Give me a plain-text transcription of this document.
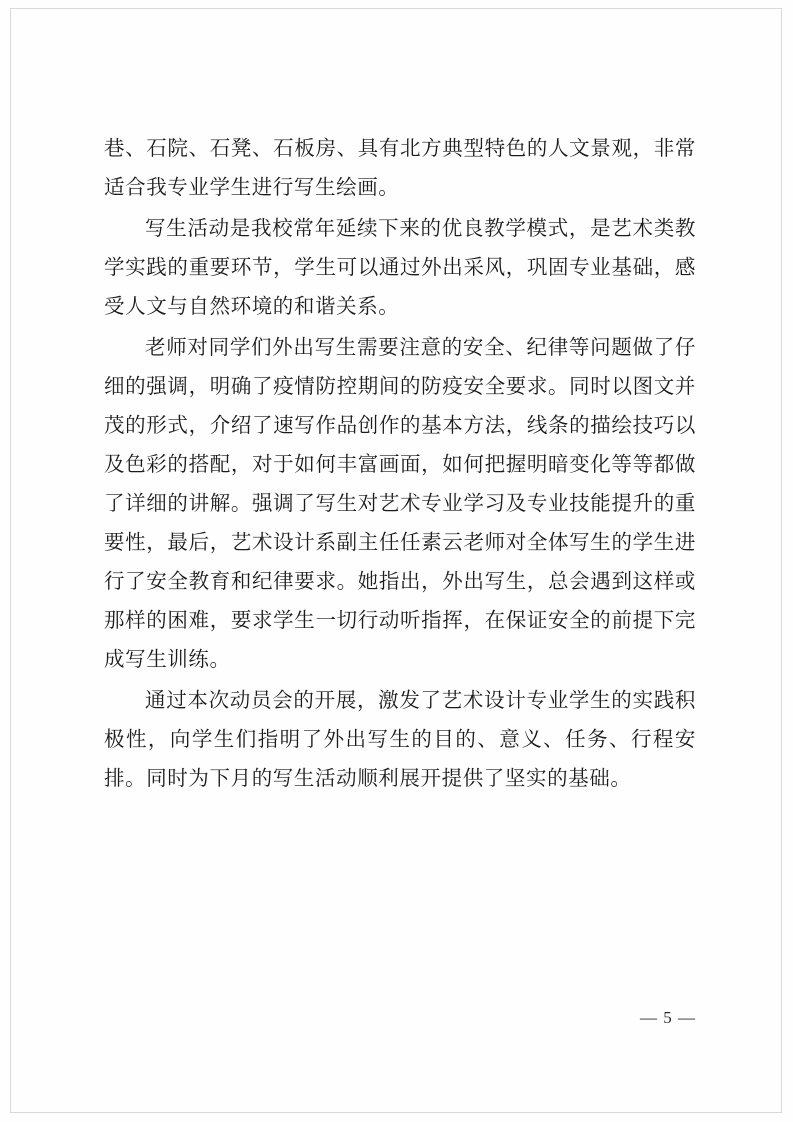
巷、石院、石凳、石板房、具有北方典型特色的人文景观，非常适合我专业学生进行写生绘画。

写生活动是我校常年延续下来的优良教学模式，是艺术类教学实践的重要环节，学生可以通过外出采风，巩固专业基础，感受人文与自然环境的和谐关系。

老师对同学们外出写生需要注意的安全、纪律等问题做了仔细的强调，明确了疫情防控期间的防疫安全要求。同时以图文并茂的形式，介绍了速写作品创作的基本方法，线条的描绘技巧以及色彩的搭配，对于如何丰富画面，如何把握明暗变化等等都做了详细的讲解。强调了写生对艺术专业学习及专业技能提升的重要性，最后，艺术设计系副主任任素云老师对全体写生的学生进行了安全教育和纪律要求。她指出，外出写生，总会遇到这样或那样的困难，要求学生一切行动听指挥，在保证安全的前提下完成写生训练。

通过本次动员会的开展，激发了艺术设计专业学生的实践积极性，向学生们指明了外出写生的目的、意义、任务、行程安排。同时为下月的写生活动顺利展开提供了坚实的基础。

— 5 —
